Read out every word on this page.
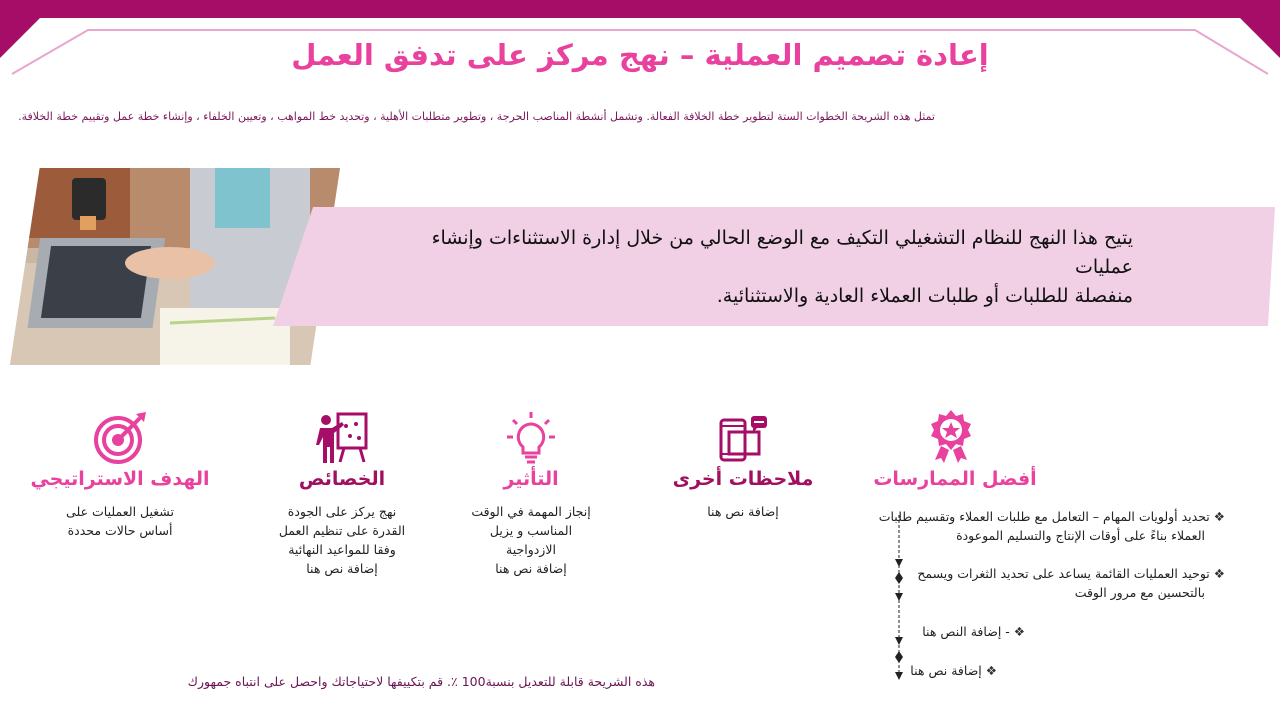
إعادة تصميم العملية – نهج مركز على تدفق العمل
تمثل هذه الشريحة الخطوات الستة لتطوير خطة الخلافة الفعالة. وتشمل أنشطة المناصب الحرجة ، وتطوير متطلبات الأهلية ، وتحديد خط المواهب ، وتعيين الخلفاء ، وإنشاء خطة عمل وتقييم خطة الخلافة.
يتيح هذا النهج للنظام التشغيلي التكيف مع الوضع الحالي من خلال إدارة الاستثناءات وإنشاء عمليات
منفصلة للطلبات أو طلبات العملاء العادية والاستثنائية.
الهدف الاستراتيجي
تشغيل العمليات على
أساس حالات محددة
الخصائص
نهج يركز على الجودة
القدرة على تنظيم العمل
وفقا للمواعيد النهائية
إضافة نص هنا
التأثير
إنجاز المهمة في الوقت
المناسب و يزيل
الازدواجية
إضافة نص هنا
ملاحظات أخرى
إضافة نص هنا
أفضل الممارسات
❖تحديد أولويات المهام – التعامل مع طلبات العملاء وتقسيم طلبات
العملاء بناءً على أوقات الإنتاج والتسليم الموعودة
❖توحيد العمليات القائمة يساعد على تحديد الثغرات ويسمح
بالتحسين مع مرور الوقت
❖- إضافة النص هنا
❖إضافة نص هنا
هذه الشريحة قابلة للتعديل بنسبة100 ٪. قم بتكييفها لاحتياجاتك واحصل على انتباه جمهورك
